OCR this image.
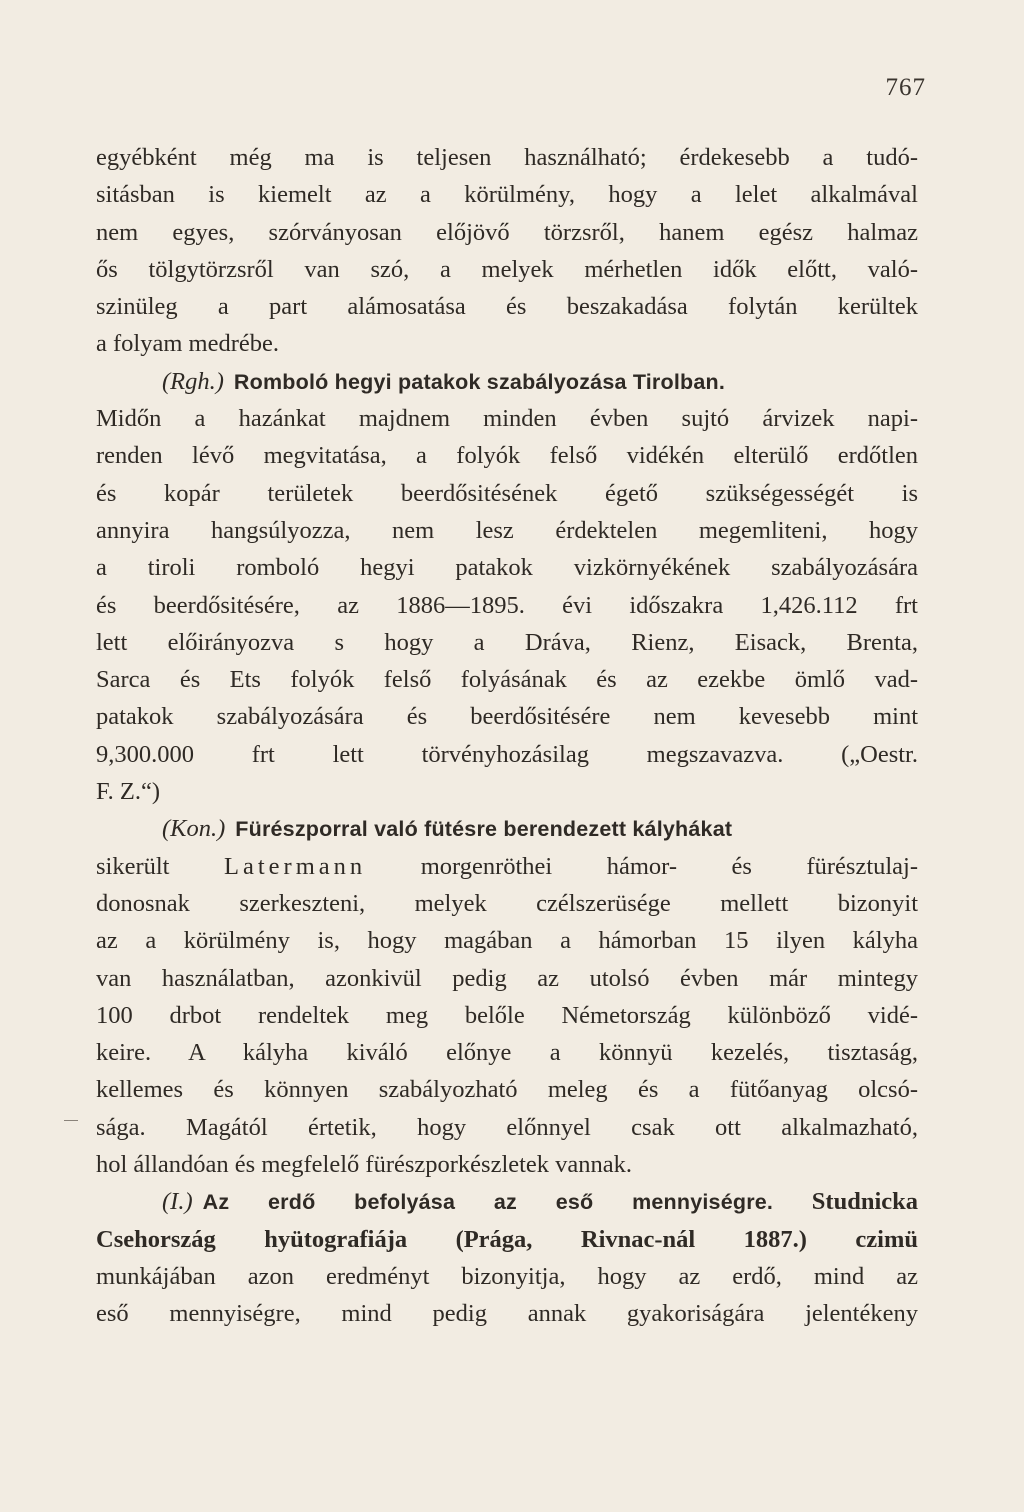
767
egyébként még ma is teljesen használható; érdekesebb a tudó-
sitásban is kiemelt az a körülmény, hogy a lelet alkalmával
nem egyes, szórványosan előjövő törzsről, hanem egész halmaz
ős tölgytörzsről van szó, a melyek mérhetlen idők előtt, való-
szinüleg a part alámosatása és beszakadása folytán kerültek
a folyam medrébe.
(Rgh.) Romboló hegyi patakok szabályozása Tirolban.
Midőn a hazánkat majdnem minden évben sujtó árvizek napi-
renden lévő megvitatása, a folyók felső vidékén elterülő erdőtlen
és kopár területek beerdősitésének égető szükségességét is
annyira hangsúlyozza, nem lesz érdektelen megemliteni, hogy
a tiroli romboló hegyi patakok vizkörnyékének szabályozására
és beerdősitésére, az 1886—1895. évi időszakra 1,426.112 frt
lett előirányozva s hogy a Dráva, Rienz, Eisack, Brenta,
Sarca és Ets folyók felső folyásának és az ezekbe ömlő vad-
patakok szabályozására és beerdősitésére nem kevesebb mint
9,300.000 frt lett törvényhozásilag megszavazva. („Oestr.
F. Z.“)
(Kon.) Fürészporral való fütésre berendezett kályhákat
sikerült Latermann morgenröthei hámor- és fürésztulaj-
donosnak szerkeszteni, melyek czélszerüsége mellett bizonyit
az a körülmény is, hogy magában a hámorban 15 ilyen kályha
van használatban, azonkivül pedig az utolsó évben már mintegy
100 drbot rendeltek meg belőle Németország különböző vidé-
keire. A kályha kiváló előnye a könnyü kezelés, tisztaság,
kellemes és könnyen szabályozható meleg és a fütőanyag olcsó-
sága. Magától értetik, hogy előnnyel csak ott alkalmazható,
hol állandóan és megfelelő fürészporkészletek vannak.
(I.) Az erdő befolyása az eső mennyiségre. Studnicka
Csehország hyütografiája (Prága, Rivnac-nál 1887.) czimü
munkájában azon eredményt bizonyitja, hogy az erdő, mind az
eső mennyiségre, mind pedig annak gyakoriságára jelentékeny
